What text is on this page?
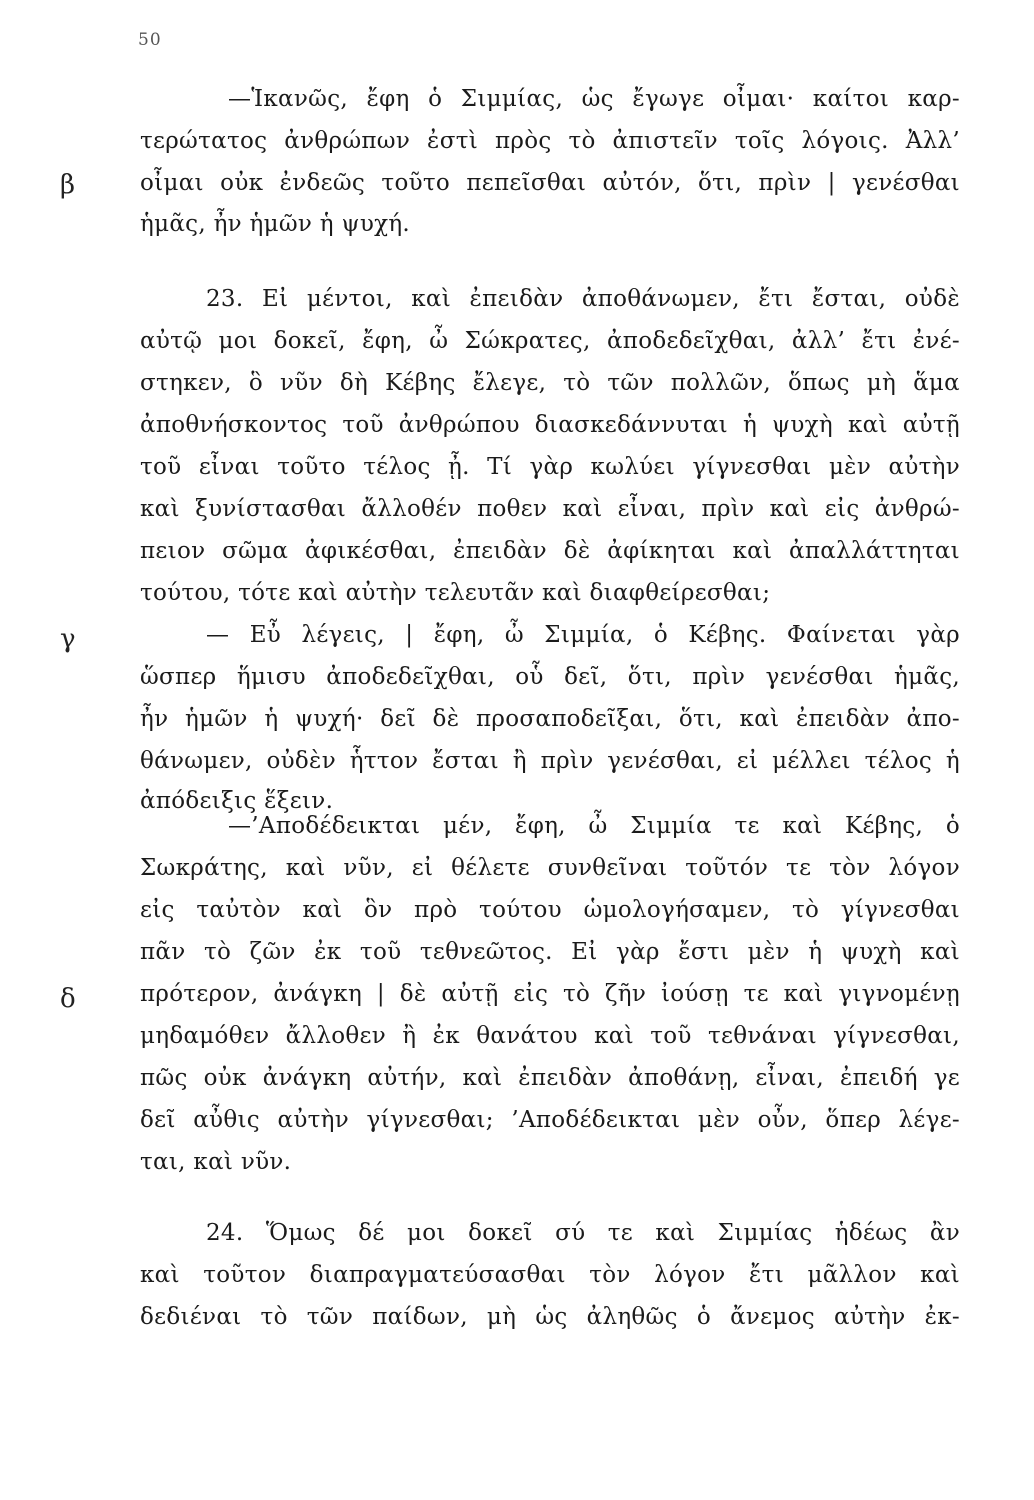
50
β
γ
δ
—Ἱκανῶς, ἔφη ὁ Σιμμίας, ὡς ἔγωγε οἶμαι· καίτοι καρ-
τερώτατος ἀνθρώπων ἐστὶ πρὸς τὸ ἀπιστεῖν τοῖς λόγοις. Ἀλλ’
οἶμαι οὐκ ἐνδεῶς τοῦτο πεπεῖσθαι αὐτόν, ὅτι, πρὶν | γενέσθαι
ἡμᾶς, ἦν ἡμῶν ἡ ψυχή.
23. Εἰ μέντοι, καὶ ἐπειδὰν ἀποθάνωμεν, ἔτι ἔσται, οὐδὲ
αὐτῷ μοι δοκεῖ, ἔφη, ὦ Σώκρατες, ἀποδεδεῖχθαι, ἀλλ’ ἔτι ἐνέ-
στηκεν, ὃ νῦν δὴ Κέβης ἔλεγε, τὸ τῶν πολλῶν, ὅπως μὴ ἅμα
ἀποθνήσκοντος τοῦ ἀνθρώπου διασκεδάννυται ἡ ψυχὴ καὶ αὐτῇ
τοῦ εἶναι τοῦτο τέλος ᾖ. Τί γὰρ κωλύει γίγνεσθαι μὲν αὐτὴν
καὶ ξυνίστασθαι ἄλλοθέν ποθεν καὶ εἶναι, πρὶν καὶ εἰς ἀνθρώ-
πειον σῶμα ἀφικέσθαι, ἐπειδὰν δὲ ἀφίκηται καὶ ἀπαλλάττηται
τούτου, τότε καὶ αὐτὴν τελευτᾶν καὶ διαφθείρεσθαι;
— Εὖ λέγεις, | ἔφη, ὦ Σιμμία, ὁ Κέβης. Φαίνεται γὰρ
ὥσπερ ἥμισυ ἀποδεδεῖχθαι, οὗ δεῖ, ὅτι, πρὶν γενέσθαι ἡμᾶς,
ἦν ἡμῶν ἡ ψυχή· δεῖ δὲ προσαποδεῖξαι, ὅτι, καὶ ἐπειδὰν ἀπο-
θάνωμεν, οὐδὲν ἧττον ἔσται ἢ πρὶν γενέσθαι, εἰ μέλλει τέλος ἡ
ἀπόδειξις ἕξειν.
—’Αποδέδεικται μέν, ἔφη, ὦ Σιμμία τε καὶ Κέβης, ὁ
Σωκράτης, καὶ νῦν, εἰ θέλετε συνθεῖναι τοῦτόν τε τὸν λόγον
εἰς ταὐτὸν καὶ ὃν πρὸ τούτου ὡμολογήσαμεν, τὸ γίγνεσθαι
πᾶν τὸ ζῶν ἐκ τοῦ τεθνεῶτος. Εἰ γὰρ ἔστι μὲν ἡ ψυχὴ καὶ
πρότερον, ἀνάγκη | δὲ αὐτῇ εἰς τὸ ζῆν ἰούσῃ τε καὶ γιγνομένῃ
μηδαμόθεν ἄλλοθεν ἢ ἐκ θανάτου καὶ τοῦ τεθνάναι γίγνεσθαι,
πῶς οὐκ ἀνάγκη αὐτήν, καὶ ἐπειδὰν ἀποθάνῃ, εἶναι, ἐπειδή γε
δεῖ αὖθις αὐτὴν γίγνεσθαι; ’Αποδέδεικται μὲν οὖν, ὅπερ λέγε-
ται, καὶ νῦν.
24. Ὅμως δέ μοι δοκεῖ σύ τε καὶ Σιμμίας ἡδέως ἂν
καὶ τοῦτον διαπραγματεύσασθαι τὸν λόγον ἔτι μᾶλλον καὶ
δεδιέναι τὸ τῶν παίδων, μὴ ὡς ἀληθῶς ὁ ἄνεμος αὐτὴν ἐκ-
